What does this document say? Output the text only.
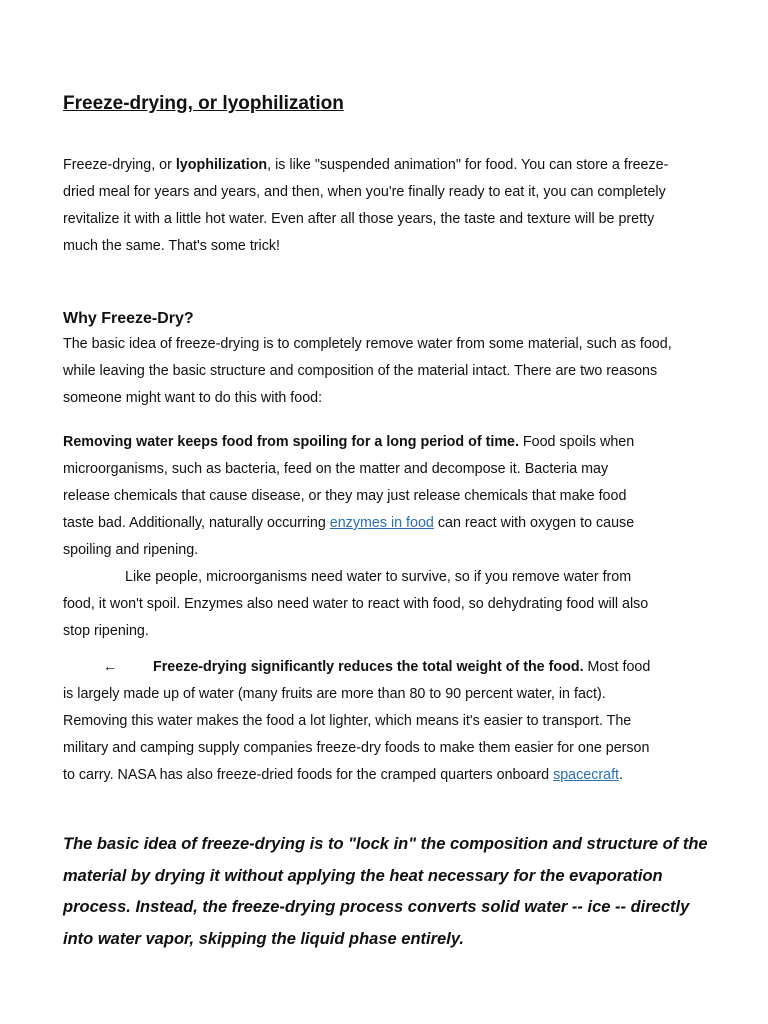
Freeze-drying, or lyophilization

Freeze-drying, or lyophilization, is like "suspended animation" for food. You can store a freeze-
dried meal for years and years, and then, when you're finally ready to eat it, you can completely
revitalize it with a little hot water. Even after all those years, the taste and texture will be pretty
much the same. That's some trick!

Why Freeze-Dry?

The basic idea of freeze-drying is to completely remove water from some material, such as food,
while leaving the basic structure and composition of the material intact. There are two reasons
someone might want to do this with food:

Removing water keeps food from spoiling for a long period of time. Food spoils when
microorganisms, such as bacteria, feed on the matter and decompose it. Bacteria may
release chemicals that cause disease, or they may just release chemicals that make food
taste bad. Additionally, naturally occurring enzymes in food can react with oxygen to cause
spoiling and ripening.
Like people, microorganisms need water to survive, so if you remove water from
food, it won't spoil. Enzymes also need water to react with food, so dehydrating food will also
stop ripening.

← Freeze-drying significantly reduces the total weight of the food. Most food
is largely made up of water (many fruits are more than 80 to 90 percent water, in fact).
Removing this water makes the food a lot lighter, which means it's easier to transport. The
military and camping supply companies freeze-dry foods to make them easier for one person
to carry. NASA has also freeze-dried foods for the cramped quarters onboard spacecraft.

The basic idea of freeze-drying is to "lock in" the composition and structure of the
material by drying it without applying the heat necessary for the evaporation
process. Instead, the freeze-drying process converts solid water -- ice -- directly
into water vapor, skipping the liquid phase entirely.
